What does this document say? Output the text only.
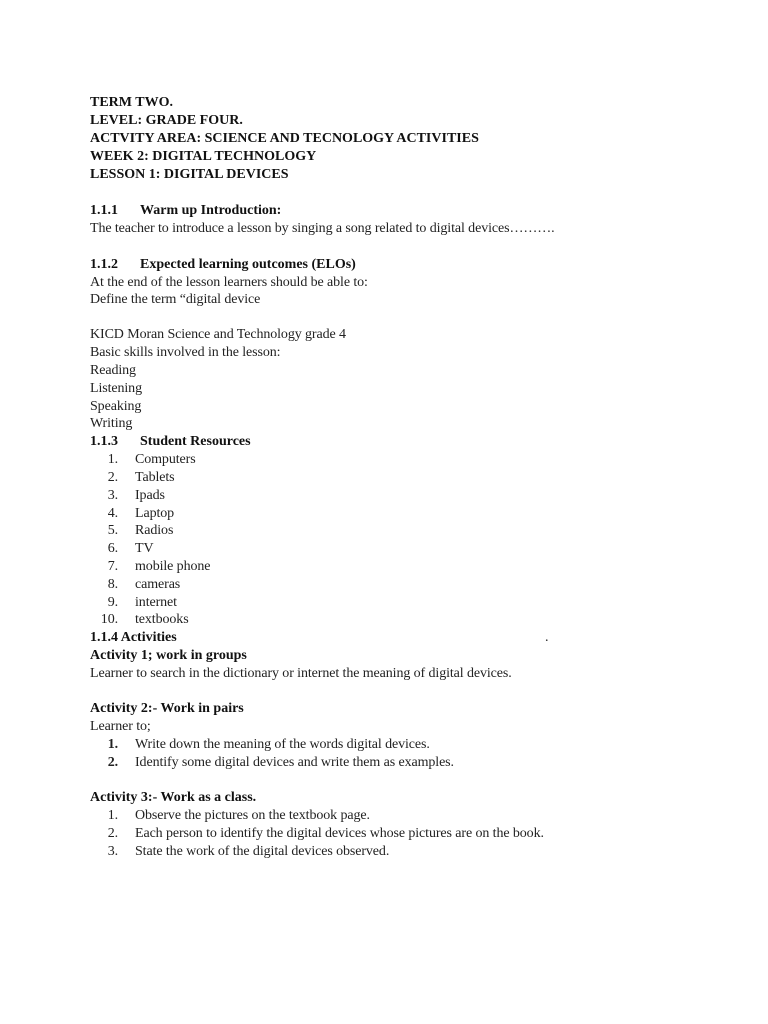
TERM TWO.
LEVEL: GRADE FOUR.
ACTVITY AREA: SCIENCE AND TECNOLOGY ACTIVITIES
WEEK 2: DIGITAL TECHNOLOGY
LESSON 1: DIGITAL DEVICES
1.1.1 Warm up Introduction:
The teacher to introduce a lesson by singing a song related to digital devices……….
1.1.2 Expected learning outcomes (ELOs)
At the end of the lesson learners should be able to:
Define the term “digital device
KICD Moran Science and Technology grade 4
Basic skills involved in the lesson:
Reading
Listening
Speaking
Writing
1.1.3 Student Resources
1. Computers
2. Tablets
3. Ipads
4. Laptop
5. Radios
6. TV
7. mobile phone
8. cameras
9. internet
10. textbooks
1.1.4 Activities	.
Activity 1; work in groups
Learner to search in the dictionary or internet the meaning of digital devices.
Activity 2:- Work in pairs
Learner to;
1. Write down the meaning of the words digital devices.
2. Identify some digital devices and write them as examples.
Activity 3:- Work as a class.
1. Observe the pictures on the textbook page.
2. Each person to identify the digital devices whose pictures are on the book.
3. State the work of the digital devices observed.
